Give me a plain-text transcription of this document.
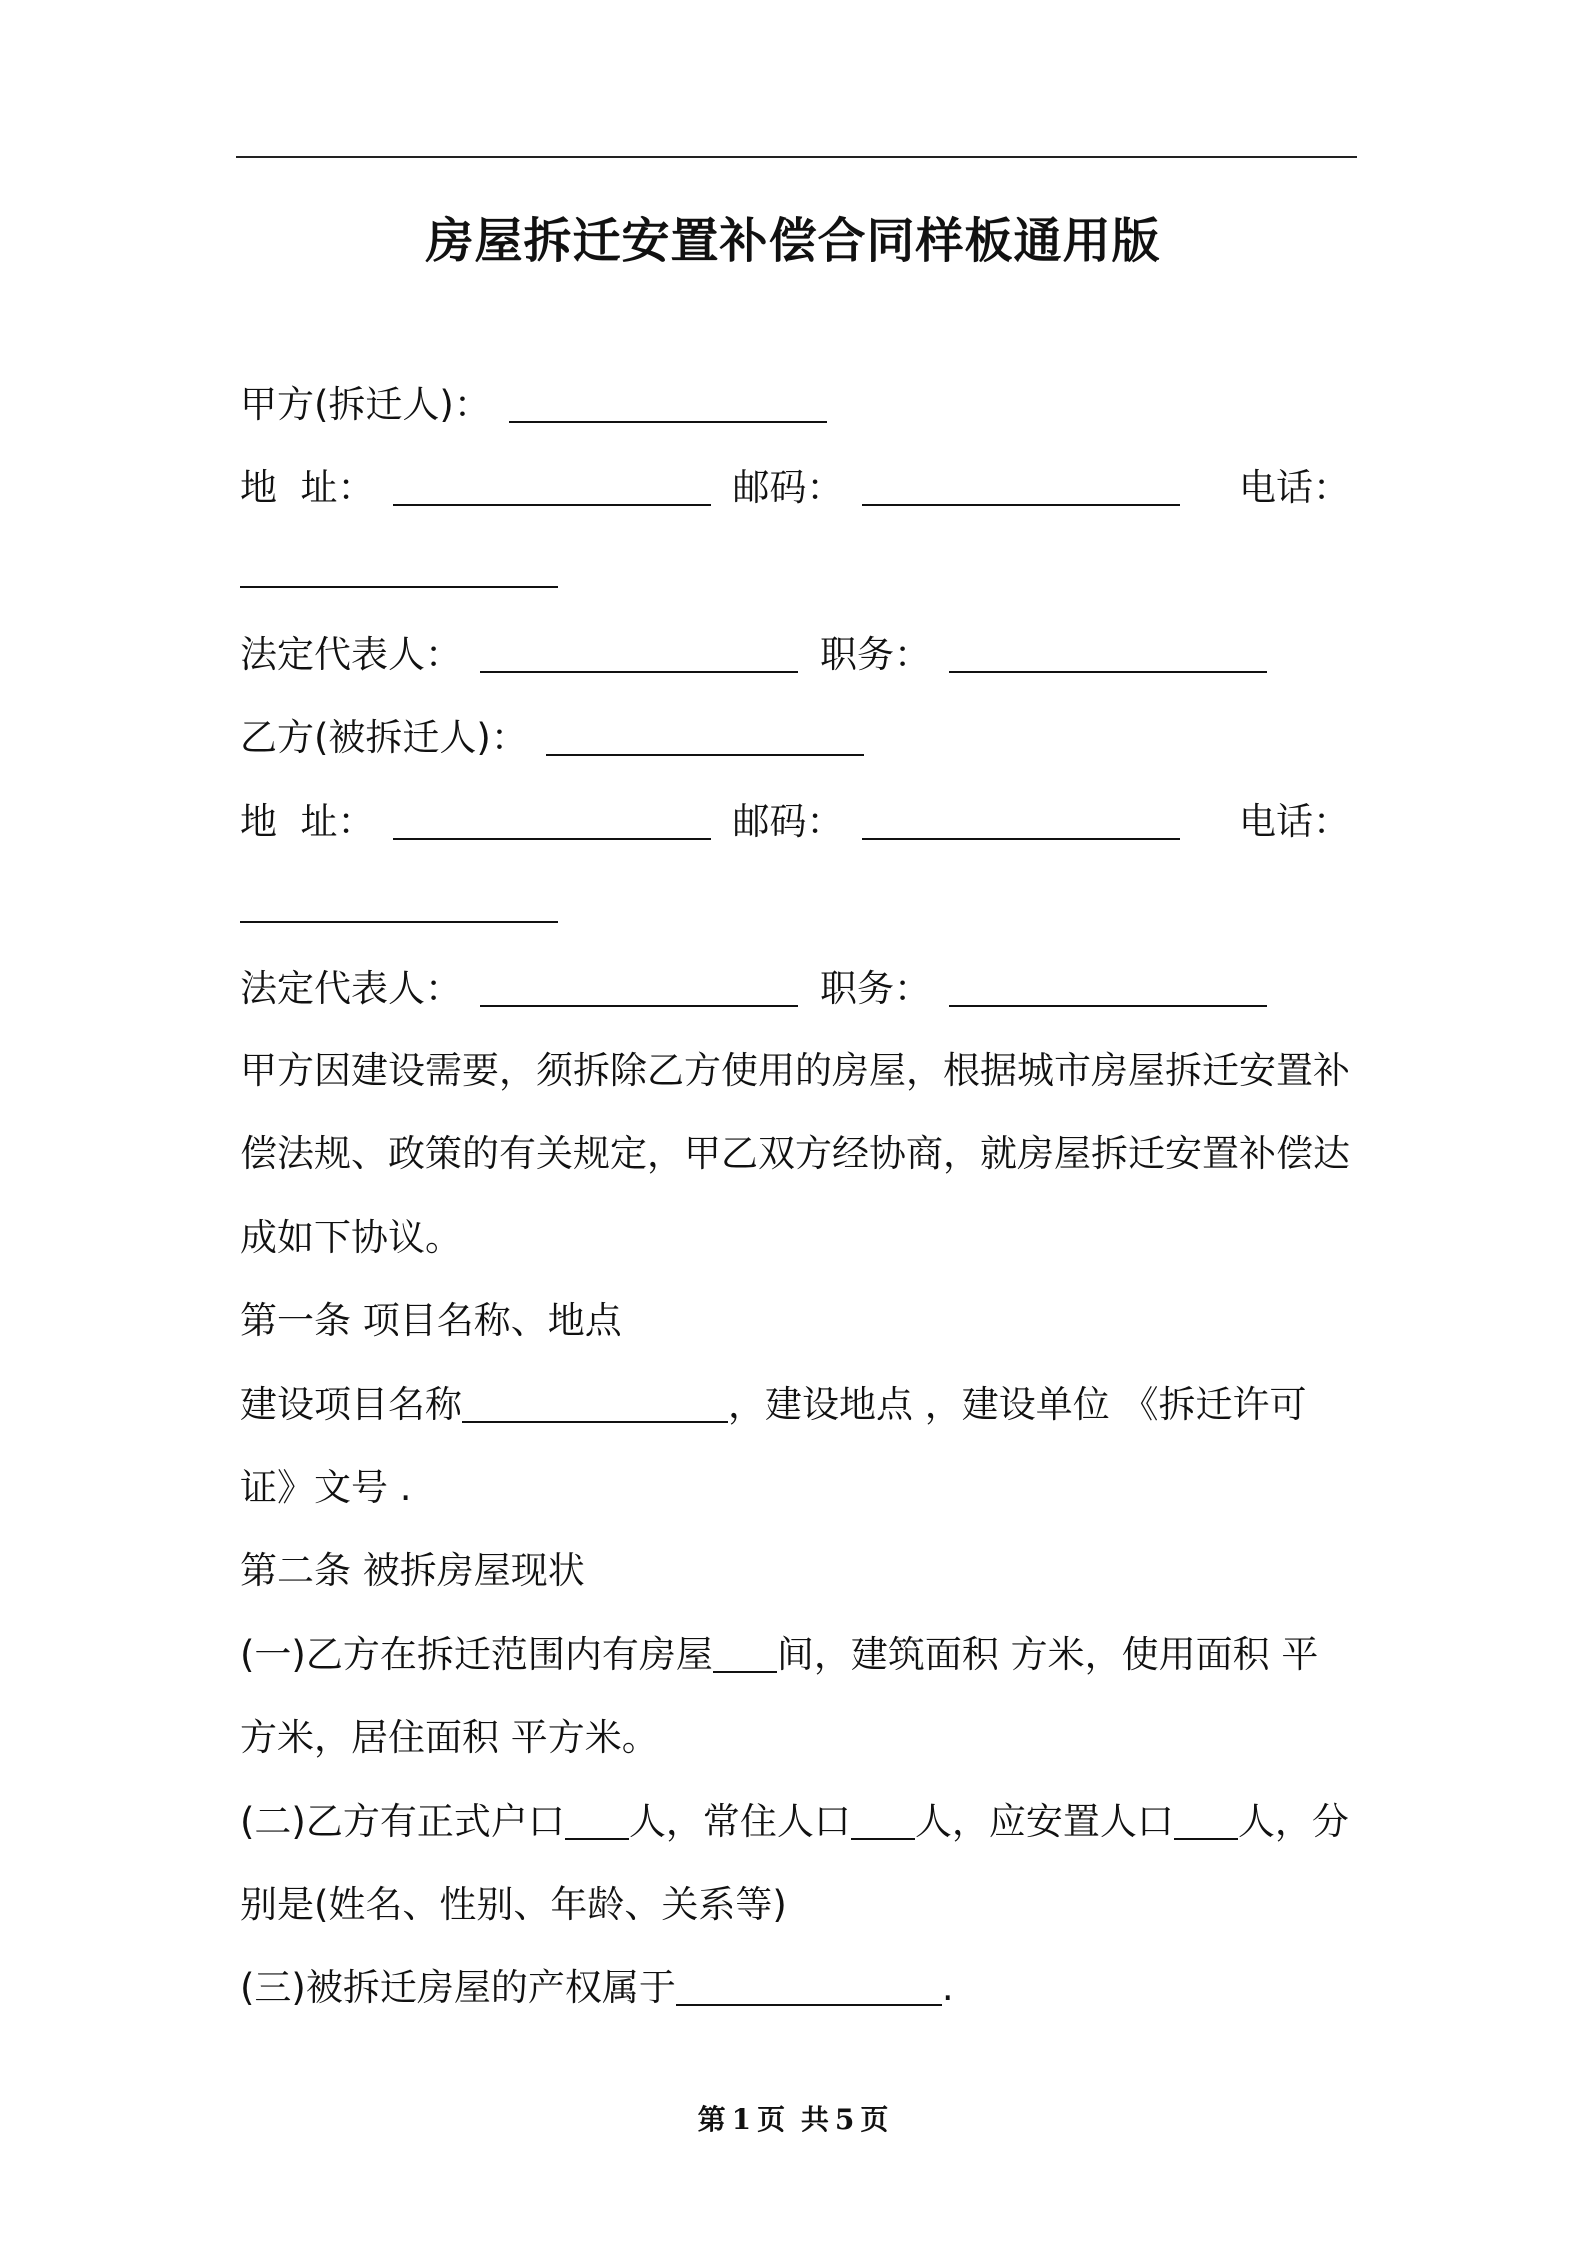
房屋拆迁安置补偿合同样板通用版
甲方(拆迁人)：
地  址：	邮码：	电话：
法定代表人：	职务：
乙方(被拆迁人)：
地  址：	邮码：	电话：
法定代表人：	职务：
甲方因建设需要，须拆除乙方使用的房屋，根据城市房屋拆迁安置补
偿法规、政策的有关规定，甲乙双方经协商，就房屋拆迁安置补偿达
成如下协议。
第一条 项目名称、地点
建设项目名称	，建设地点 ，建设单位 《拆迁许可
证》文号 .
第二条 被拆房屋现状
(一)乙方在拆迁范围内有房屋 间，建筑面积 方米，使用面积 平
方米，居住面积 平方米。
(二)乙方有正式户口 人，常住人口 人，应安置人口 人，分
别是(姓名、性别、年龄、关系等)
(三)被拆迁房屋的产权属于	.
第 1 页 共 5 页
